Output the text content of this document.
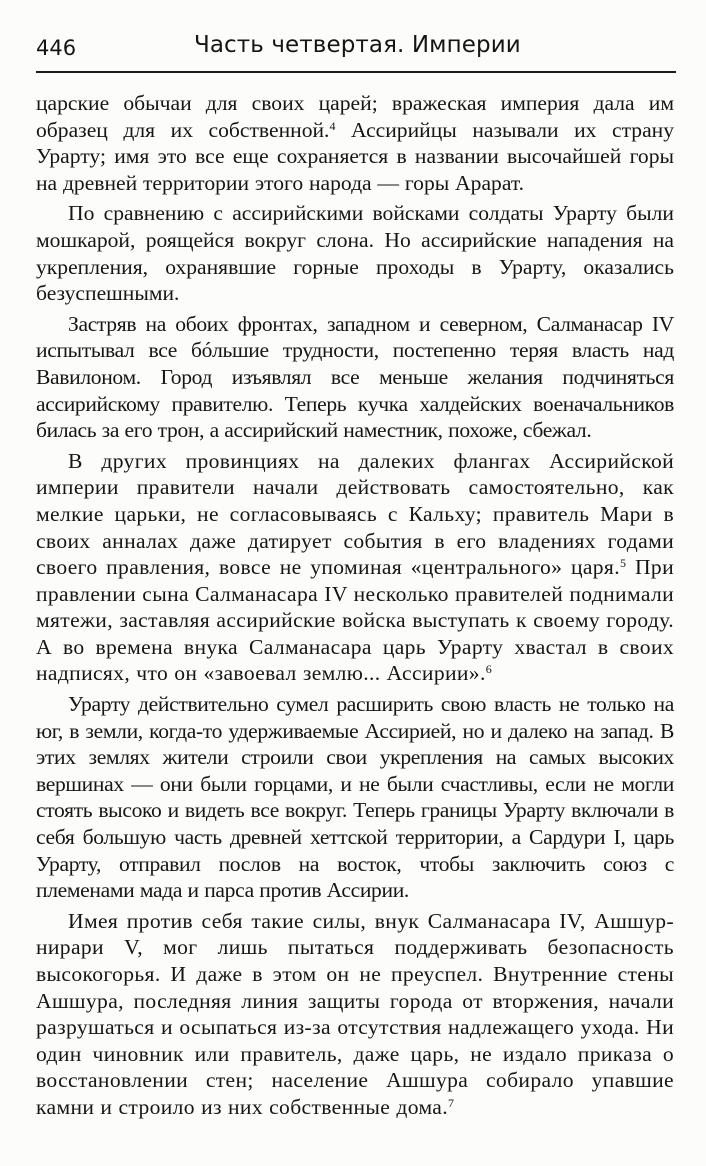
446	Часть четвертая. Империи

царские обычаи для своих царей; вражеская империя дала им образец для их собственной.$^4$ Ассирийцы называли их страну Урарту; имя это все еще сохраняется в названии высочайшей горы на древней территории этого народа — горы Арарат.

По сравнению с ассирийскими войсками солдаты Урарту были мошкарой, роящейся вокруг слона. Но ассирийские нападения на укрепления, охранявшие горные проходы в Урарту, оказались безуспешными.

Застряв на обоих фронтах, западном и северном, Салманасар IV испытывал все бóльшие трудности, постепенно теряя власть над Вавилоном. Город изъявлял все меньше желания подчиняться ассирийскому правителю. Теперь кучка халдейских военачальников билась за его трон, а ассирийский наместник, похоже, сбежал.

В других провинциях на далеких флангах Ассирийской империи правители начали действовать самостоятельно, как мелкие царьки, не согласовываясь с Кальху; правитель Мари в своих анналах даже датирует события в его владениях годами своего правления, вовсе не упоминая «центрального» царя.$^5$ При правлении сына Салманасара IV несколько правителей поднимали мятежи, заставляя ассирийские войска выступать к своему городу. А во времена внука Салманасара царь Урарту хвастал в своих надписях, что он «завоевал землю... Ассирии».$^6$

Урарту действительно сумел расширить свою власть не только на юг, в земли, когда-то удерживаемые Ассирией, но и далеко на запад. В этих землях жители строили свои укрепления на самых высоких вершинах — они были горцами, и не были счастливы, если не могли стоять высоко и видеть все вокруг. Теперь границы Урарту включали в себя большую часть древней хеттской территории, а Сардури I, царь Урарту, отправил послов на восток, чтобы заключить союз с племенами мада и парса против Ассирии.

Имея против себя такие силы, внук Салманасара IV, Ашшур-нирари V, мог лишь пытаться поддерживать безопасность высокогорья. И даже в этом он не преуспел. Внутренние стены Ашшура, последняя линия защиты города от вторжения, начали разрушаться и осыпаться из-за отсутствия надлежащего ухода. Ни один чиновник или правитель, даже царь, не издало приказа о восстановлении стен; население Ашшура собирало упавшие камни и строило из них собственные дома.$^7$
